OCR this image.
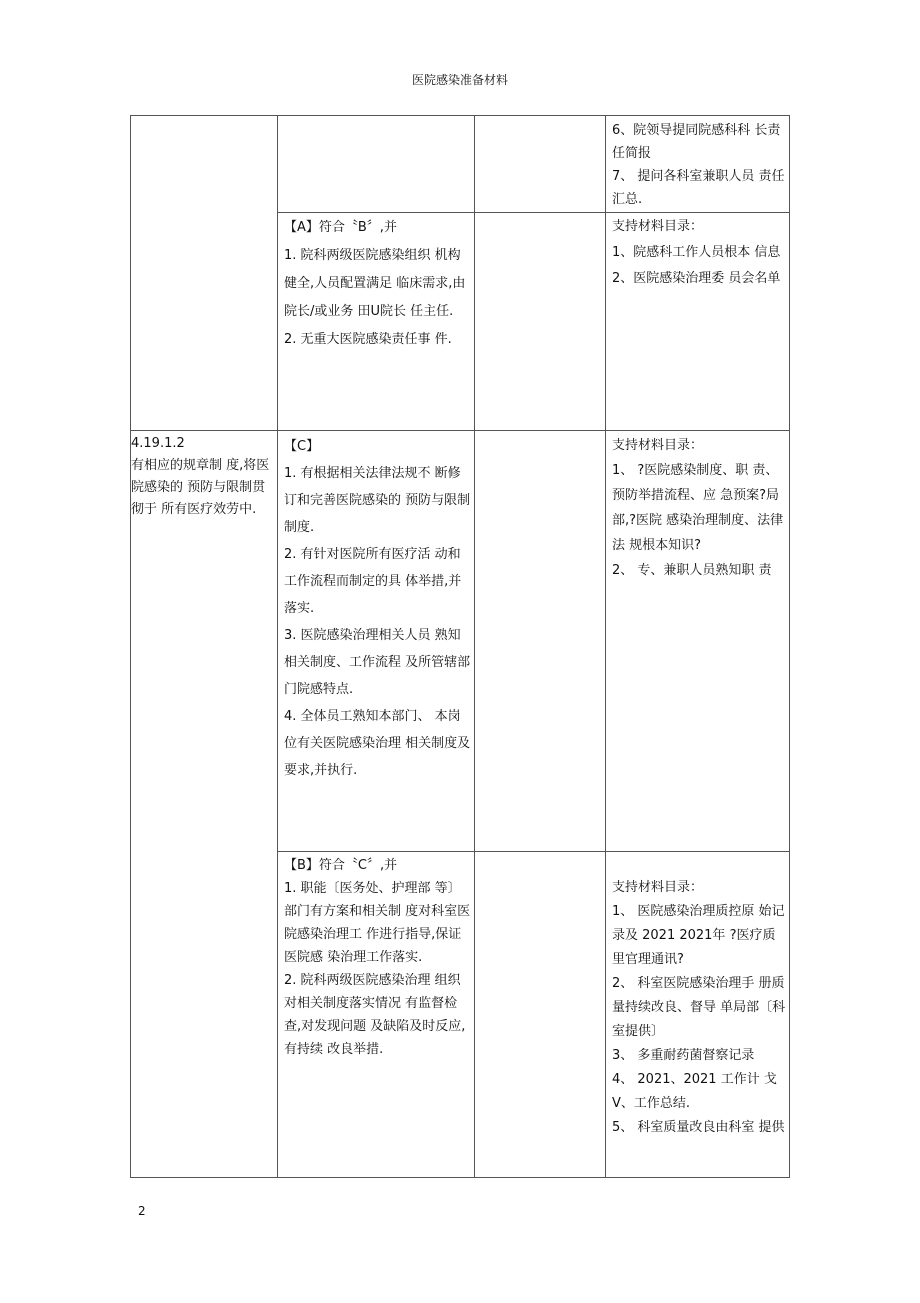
医院感染准备材料
6、院领导提同院感科科 长责任简报
7、 提问各科室兼职人员 责任汇总.
【A】符合〝B〞,并
1. 院科两级医院感染组织 机构健全,人员配置满足 临床需求,由院长/或业务 田U院长 任主任.
2. 无重大医院感染责任事 件.
支持材料目录：
1、院感科工作人员根本 信息
2、医院感染治理委 员会名单
4.19.1.2
有相应的规章制 度,将医院感染的 预防与限制贯彻于 所有医疗效劳中.
【C】
1. 有根据相关法律法规不 断修订和完善医院感染的 预防与限制制度.
2. 有针对医院所有医疗活 动和工作流程而制定的具 体举措,并落实.
3. 医院感染治理相关人员 熟知相关制度、工作流程 及所管辖部门院感特点.
4. 全体员工熟知本部门、 本岗位有关医院感染治理 相关制度及要求,并执行.
支持材料目录：
1、 ?医院感染制度、职 责、预防举措流程、应 急预案?局部,?医院 感染治理制度、法律法 规根本知识?
2、 专、兼职人员熟知职 责
【B】符合〝C〞,并
1. 职能〔医务处、护理部 等〕部门有方案和相关制 度对科室医院感染治理工 作进行指导,保证医院感 染治理工作落实.
2. 院科两级医院感染治理 组织对相关制度落实情况 有监督检查,对发现问题 及缺陷及时反应,有持续 改良举措.
支持材料目录：
1、 医院感染治理质控原 始记录及 2021 2021年 ?医疗质里官理通讯?
2、 科室医院感染治理手 册质量持续改良、督导 单局部〔科室提供〕
3、 多重耐药菌督察记录
4、 2021、2021 工作计 戈V、工作总结.
5、 科室质量改良由科室 提供
2
